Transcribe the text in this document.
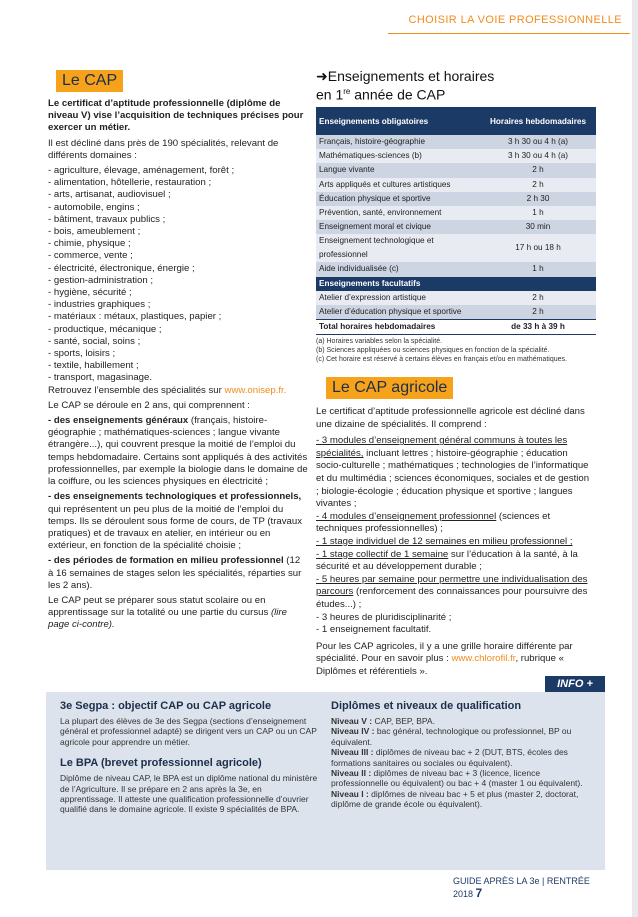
CHOISIR LA VOIE PROFESSIONNELLE
Le CAP

Le certificat d’aptitude professionnelle (diplôme de niveau V) vise l’acquisition de techniques précises pour exercer un métier.

Il est décliné dans près de 190 spécialités, relevant de différents domaines :

- agriculture, élevage, aménagement, forêt ;
- alimentation, hôtellerie, restauration ;
- arts, artisanat, audiovisuel ;
- automobile, engins ;
- bâtiment, travaux publics ;
- bois, ameublement ;
- chimie, physique ;
- commerce, vente ;
- électricité, électronique, énergie ;
- gestion-administration ;
- hygiène, sécurité ;
- industries graphiques ;
- matériaux : métaux, plastiques, papier ;
- productique, mécanique ;
- santé, social, soins ;
- sports, loisirs ;
- textile, habillement ;
- transport, magasinage.

Retrouvez l’ensemble des spécialités sur www.onisep.fr.

Le CAP se déroule en 2 ans, qui comprennent :

- des enseignements généraux (français, histoire-géographie ; mathématiques-sciences ; langue vivante étrangère...), qui couvrent presque la moitié de l’emploi du temps hebdomadaire. Certains sont appliqués à des activités professionnelles, par exemple la biologie dans le domaine de la coiffure, ou les sciences physiques en électricité ;

- des enseignements technologiques et professionnels, qui représentent un peu plus de la moitié de l’emploi du temps. Ils se déroulent sous forme de cours, de TP (travaux pratiques) et de travaux en atelier, en intérieur ou en extérieur, en fonction de la spécialité choisie ;

- des périodes de formation en milieu professionnel (12 à 16 semaines de stages selon les spécialités, réparties sur les 2 ans).

Le CAP peut se préparer sous statut scolaire ou en apprentissage sur la totalité ou une partie du cursus (lire page ci-contre).

➜Enseignements et horaires
en 1re année de CAP
Enseignements obligatoires	Horaires hebdomadaires
Français, histoire-géographie	3 h 30 ou 4 h (a)
Mathématiques-sciences (b)	3 h 30 ou 4 h (a)
Langue vivante	2 h
Arts appliqués et cultures artistiques	2 h
Éducation physique et sportive	2 h 30
Prévention, santé, environnement	1 h
Enseignement moral et civique	30 min
Enseignement technologique et professionnel	17 h ou 18 h
Aide individualisée (c)	1 h
Enseignements facultatifs	
Atelier d’expression artistique	2 h
Atelier d’éducation physique et sportive	2 h
Total horaires hebdomadaires	de 33 h à 39 h
(a) Horaires variables selon la spécialité.
(b) Sciences appliquées ou sciences physiques en fonction de la spécialité.
(c) Cet horaire est réservé à certains élèves en français et/ou en mathématiques.
Le CAP agricole

Le certificat d’aptitude professionnelle agricole est décliné dans une dizaine de spécialités. Il comprend :

- 3 modules d’enseignement général communs à toutes les spécialités, incluant lettres ; histoire-géographie ; éducation socio-culturelle ; mathématiques ; technologies de l’informatique et du multimédia ; sciences économiques, sociales et de gestion ; biologie-écologie ; éducation physique et sportive ; langues vivantes ;
- 4 modules d’enseignement professionnel (sciences et techniques professionnelles) ;
- 1 stage individuel de 12 semaines en milieu professionnel ;
- 1 stage collectif de 1 semaine sur l’éducation à la santé, à la sécurité et au développement durable ;
- 5 heures par semaine pour permettre une individualisation des parcours (renforcement des connaissances pour poursuivre des études...) ;
- 3 heures de pluridisciplinarité ;
- 1 enseignement facultatif.

Pour les CAP agricoles, il y a une grille horaire différente par spécialité. Pour en savoir plus : www.chlorofil.fr, rubrique « Diplômes et référentiels ».

INFO +
3e Segpa : objectif CAP ou CAP agricole

La plupart des élèves de 3e des Segpa (sections d’enseignement général et professionnel adapté) se dirigent vers un CAP ou un CAP agricole pour apprendre un métier.

Le BPA (brevet professionnel agricole)

Diplôme de niveau CAP, le BPA est un diplôme national du ministère de l’Agriculture. Il se prépare en 2 ans après la 3e, en apprentissage. Il atteste une qualification professionnelle d’ouvrier qualifié dans le domaine agricole. Il existe 9 spécialités de BPA.

Diplômes et niveaux de qualification
Niveau V : CAP, BEP, BPA.
Niveau IV : bac général, technologique ou professionnel, BP ou équivalent.
Niveau III : diplômes de niveau bac + 2 (DUT, BTS, écoles des formations sanitaires ou sociales ou équivalent).
Niveau II : diplômes de niveau bac + 3 (licence, licence professionnelle ou équivalent) ou bac + 4 (master 1 ou équivalent).
Niveau I : diplômes de niveau bac + 5 et plus (master 2, doctorat, diplôme de grande école ou équivalent).
GUIDE APRÈS LA 3e | RENTRÉE 2018 7
